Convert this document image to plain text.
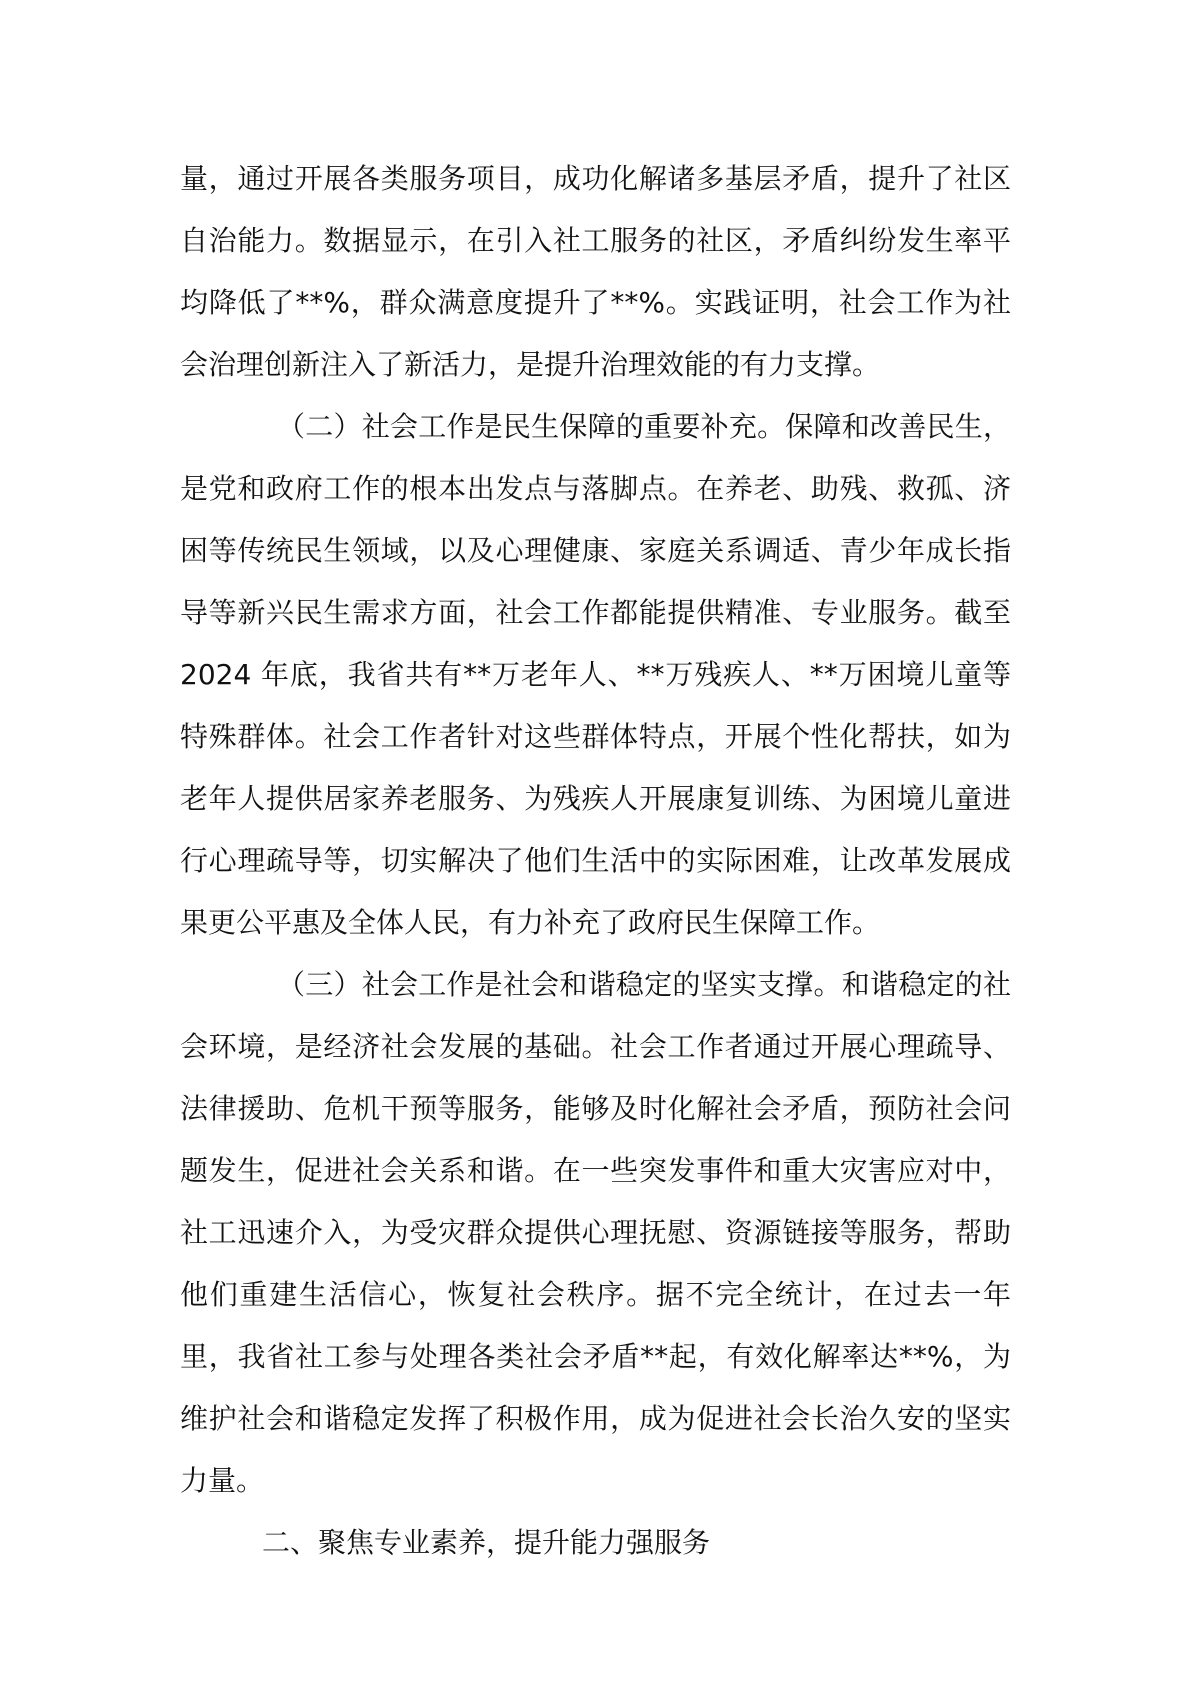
量，通过开展各类服务项目，成功化解诸多基层矛盾，提升了社区自治能力。数据显示，在引入社工服务的社区，矛盾纠纷发生率平均降低了**%，群众满意度提升了**%。实践证明，社会工作为社会治理创新注入了新活力，是提升治理效能的有力支撑。

（二）社会工作是民生保障的重要补充。保障和改善民生，是党和政府工作的根本出发点与落脚点。在养老、助残、救孤、济困等传统民生领域，以及心理健康、家庭关系调适、青少年成长指导等新兴民生需求方面，社会工作都能提供精准、专业服务。截至 2024 年底，我省共有**万老年人、**万残疾人、**万困境儿童等特殊群体。社会工作者针对这些群体特点，开展个性化帮扶，如为老年人提供居家养老服务、为残疾人开展康复训练、为困境儿童进行心理疏导等，切实解决了他们生活中的实际困难，让改革发展成果更公平惠及全体人民，有力补充了政府民生保障工作。

（三）社会工作是社会和谐稳定的坚实支撑。和谐稳定的社会环境，是经济社会发展的基础。社会工作者通过开展心理疏导、法律援助、危机干预等服务，能够及时化解社会矛盾，预防社会问题发生，促进社会关系和谐。在一些突发事件和重大灾害应对中，社工迅速介入，为受灾群众提供心理抚慰、资源链接等服务，帮助他们重建生活信心，恢复社会秩序。据不完全统计，在过去一年里，我省社工参与处理各类社会矛盾**起，有效化解率达**%，为维护社会和谐稳定发挥了积极作用，成为促进社会长治久安的坚实力量。

二、聚焦专业素养，提升能力强服务
